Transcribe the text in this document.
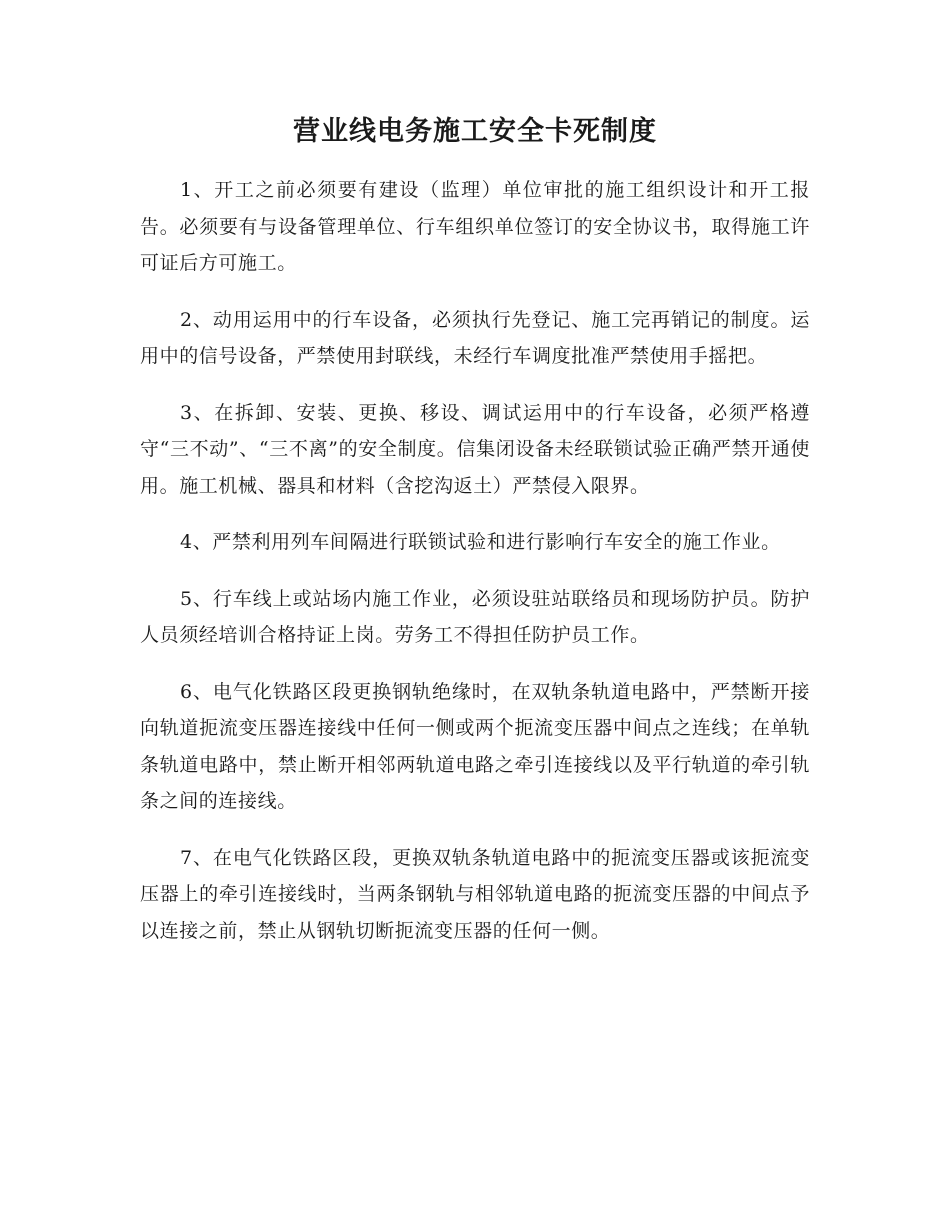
营业线电务施工安全卡死制度

1、开工之前必须要有建设（监理）单位审批的施工组织设计和开工报告。必须要有与设备管理单位、行车组织单位签订的安全协议书，取得施工许可证后方可施工。

2、动用运用中的行车设备，必须执行先登记、施工完再销记的制度。运用中的信号设备，严禁使用封联线，未经行车调度批准严禁使用手摇把。

3、在拆卸、安装、更换、移设、调试运用中的行车设备，必须严格遵守“三不动”、“三不离”的安全制度。信集闭设备未经联锁试验正确严禁开通使用。施工机械、器具和材料（含挖沟返土）严禁侵入限界。

4、严禁利用列车间隔进行联锁试验和进行影响行车安全的施工作业。

5、行车线上或站场内施工作业，必须设驻站联络员和现场防护员。防护人员须经培训合格持证上岗。劳务工不得担任防护员工作。

6、电气化铁路区段更换钢轨绝缘时，在双轨条轨道电路中，严禁断开接向轨道扼流变压器连接线中任何一侧或两个扼流变压器中间点之连线；在单轨条轨道电路中，禁止断开相邻两轨道电路之牵引连接线以及平行轨道的牵引轨条之间的连接线。

7、在电气化铁路区段，更换双轨条轨道电路中的扼流变压器或该扼流变压器上的牵引连接线时，当两条钢轨与相邻轨道电路的扼流变压器的中间点予以连接之前，禁止从钢轨切断扼流变压器的任何一侧。
